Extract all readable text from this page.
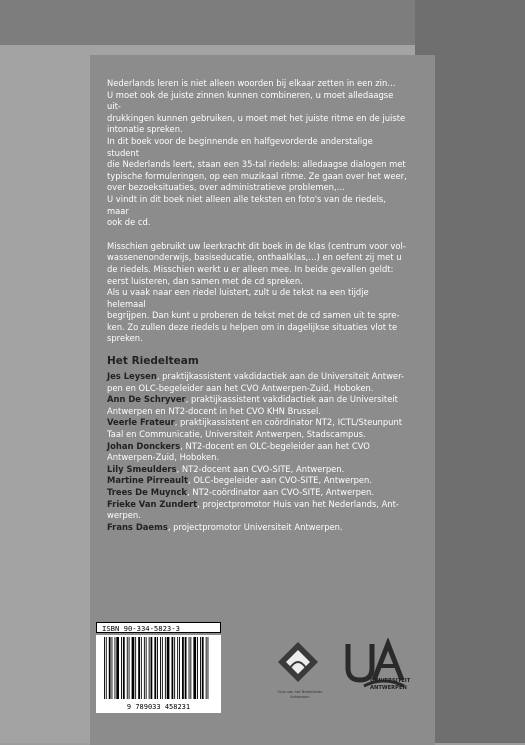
Nederlands leren is niet alleen woorden bij elkaar zetten in een zin…
U moet ook de juiste zinnen kunnen combineren, u moet alledaagse uit-
drukkingen kunnen gebruiken, u moet met het juiste ritme en de juiste
intonatie spreken.
In dit boek voor de beginnende en halfgevorderde anderstalige student
die Nederlands leert, staan een 35-tal riedels: alledaagse dialogen met
typische formuleringen, op een muzikaal ritme. Ze gaan over het weer,
over bezoeksituaties, over administratieve problemen,…
U vindt in dit boek niet alleen alle teksten en foto's van de riedels, maar
ook de cd.

Misschien gebruikt uw leerkracht dit boek in de klas (centrum voor vol-
wassenenonderwijs, basiseducatie, onthaalklas,…) en oefent zij met u
de riedels. Misschien werkt u er alleen mee. In beide gevallen geldt:
eerst luisteren, dan samen met de cd spreken.
Als u vaak naar een riedel luistert, zult u de tekst na een tijdje helemaal
begrijpen. Dan kunt u proberen de tekst met de cd samen uit te spre-
ken. Zo zullen deze riedels u helpen om in dagelijkse situaties vlot te
spreken.

Het Riedelteam

Jes Leysen, praktijkassistent vakdidactiek aan de Universiteit Antwer-
pen en OLC-begeleider aan het CVO Antwerpen-Zuid, Hoboken.

Ann De Schryver, praktijkassistent vakdidactiek aan de Universiteit
Antwerpen en NT2-docent in het CVO KHN Brussel.

Veerle Frateur, praktijkassistent en coördinator NT2, ICTL/Steunpunt
Taal en Communicatie, Universiteit Antwerpen, Stadscampus.

Johan Donckers, NT2-docent en OLC-begeleider aan het CVO
Antwerpen-Zuid, Hoboken.

Lily Smeulders, NT2-docent aan CVO-SITE, Antwerpen.

Martine Pirreault, OLC-begeleider aan CVO-SITE, Antwerpen.

Trees De Muynck, NT2-coördinator aan CVO-SITE, Antwerpen.

Frieke Van Zundert, projectpromotor Huis van het Nederlands, Ant-
werpen.

Frans Daems, projectpromotor Universiteit Antwerpen.

ISBN 90-334-5823-3
9 789033 458231
Huis van het Nederlands Antwerpen
UNIVERSITEIT
ANTWERPEN
